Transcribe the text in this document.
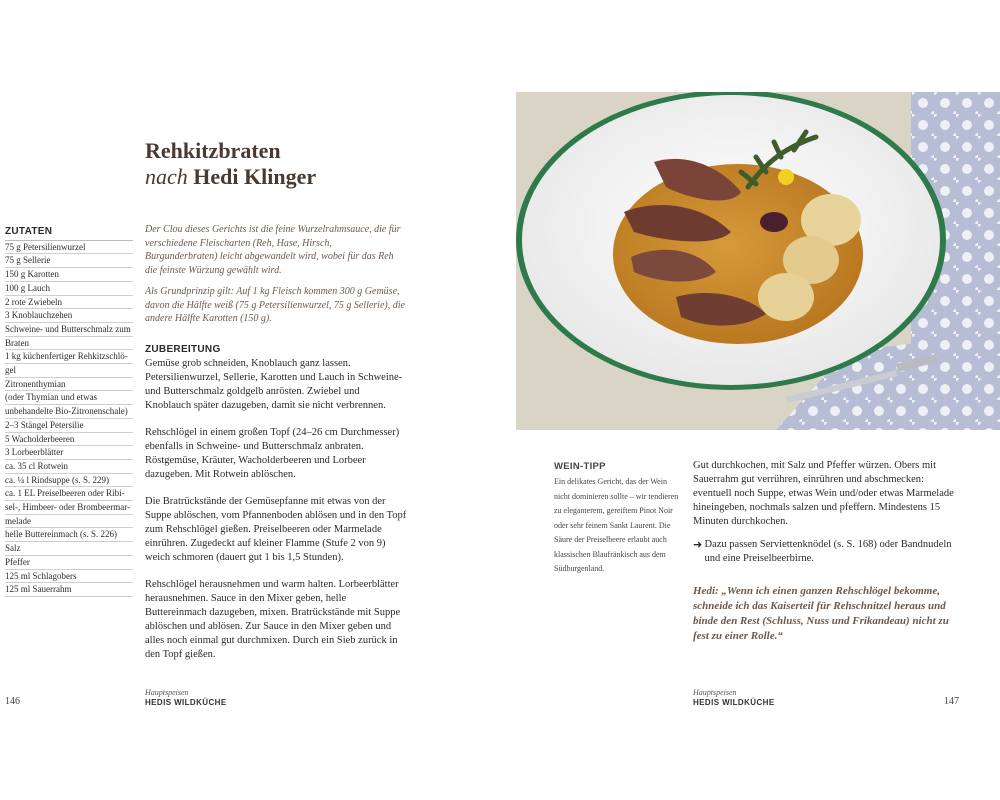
Rehkitzbraten
nach Hedi Klinger
ZUTATEN
75 g Petersilienwurzel
75 g Sellerie
150 g Karotten
100 g Lauch
2 rote Zwiebeln
3 Knoblauchzehen
Schweine- und Butterschmalz zum
Braten
1 kg küchenfertiger Rehkitzschlö-
gel
Zitronenthymian
(oder Thymian und etwas
unbehandelte Bio-Zitronenschale)
2–3 Stängel Petersilie
5 Wacholderbeeren
3 Lorbeerblätter
ca. 35 cl Rotwein
ca. ¼ l Rindsuppe (s. S. 229)
ca. 1 EL Preiselbeeren oder Ribi-
sel-, Himbeer- oder Brombeermar-
melade
helle Buttereinmach (s. S. 226)
Salz
Pfeffer
125 ml Schlagobers
125 ml Sauerrahm

Der Clou dieses Gerichts ist die feine Wurzelrahmsauce, die für verschiedene Fleischarten (Reh, Hase, Hirsch, Burgunderbraten) leicht abgewandelt wird, wobei für das Reh die feinste Würzung gewählt wird.

Als Grundprinzip gilt: Auf 1 kg Fleisch kommen 300 g Gemüse, davon die Hälfte weiß (75 g Petersilienwurzel, 75 g Sellerie), die andere Hälfte Karotten (150 g).

ZUBEREITUNG

Gemüse grob schneiden, Knoblauch ganz lassen. Petersilienwurzel, Sellerie, Karotten und Lauch in Schweine- und Butterschmalz goldgelb anrösten. Zwiebel und Knoblauch später dazugeben, damit sie nicht verbrennen.

Rehschlögel in einem großen Topf (24–26 cm Durchmesser) ebenfalls in Schweine- und Butterschmalz anbraten. Röstgemüse, Kräuter, Wacholderbeeren und Lorbeer dazugeben. Mit Rotwein ablöschen.

Die Bratrückstände der Gemüsepfanne mit etwas von der Suppe ablöschen, vom Pfannenboden ablösen und in den Topf zum Rehschlögel gießen. Preiselbeeren oder Marmelade einrühren. Zugedeckt auf kleiner Flamme (Stufe 2 von 9) weich schmoren (dauert gut 1 bis 1,5 Stunden).

Rehschlögel herausnehmen und warm halten. Lorbeerblätter herausnehmen. Sauce in den Mixer geben, helle Buttereinmach dazugeben, mixen. Bratrückstände mit Suppe ablöschen und ablösen. Zur Sauce in den Mixer geben und alles noch einmal gut durchmixen. Durch ein Sieb zurück in den Topf gießen.

146
Hauptspeisen
HEDIS WILDKÜCHE
WEIN-TIPP
Ein delikates Gericht, das der Wein nicht dominieren sollte – wir tendieren zu eleganterem, gereiftem Pinot Noir oder sehr feinem Sankt Laurent. Die Säure der Preiselbeere erlaubt auch klassischen Blaufränkisch aus dem Südburgenland.

Gut durchkochen, mit Salz und Pfeffer würzen. Obers mit Sauerrahm gut verrühren, einrühren und abschmecken: eventuell noch Suppe, etwas Wein und/oder etwas Marmelade hineingeben, nochmals salzen und pfeffern. Mindestens 15 Minuten durchkochen.

➜ Dazu passen Serviettenknödel (s. S. 168) oder Bandnudeln und eine Preiselbeerbirne.
Hedi: „Wenn ich einen ganzen Rehschlögel bekomme, schneide ich das Kaiserteil für Rehschnitzel heraus und binde den Rest (Schluss, Nuss und Frikandeau) nicht zu fest zu einer Rolle.“
Hauptspeisen
HEDIS WILDKÜCHE	147
